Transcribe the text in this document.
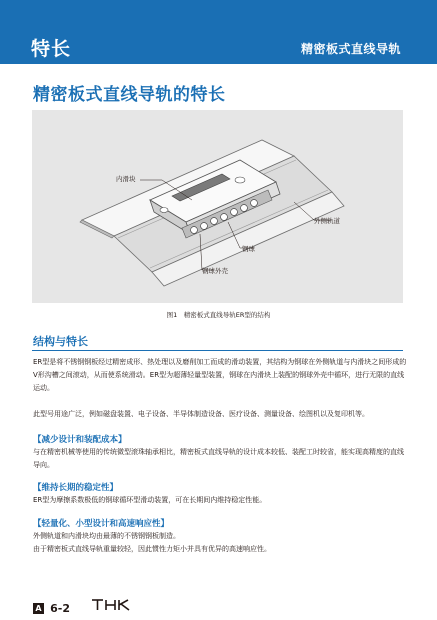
特长	精密板式直线导轨
精密板式直线导轨的特长
内滑块
外侧轨道
钢球
钢球外壳
图1　精密板式直线导轨ER型的结构
结构与特长
ER型是将不锈钢钢板经过精密成形、热处理以及磨削加工而成的滑动装置，其结构为钢球在外侧轨道与内滑块之间形成的V形沟槽之间滚动，从而使系统滑动。ER型为超薄轻量型装置，钢球在内滑块上装配的钢球外壳中循环，进行无限的直线运动。
此型号用途广泛，例如磁盘装置、电子设备、半导体制造设备、医疗设备、测量设备、绘图机以及复印机等。
【减少设计和装配成本】
与在精密机械等使用的传统微型滚珠轴承相比，精密板式直线导轨的设计成本较低、装配工时较省，能实现高精度的直线导向。
【维持长期的稳定性】
ER型为摩擦系数极低的钢球循环型滑动装置，可在长期间内维持稳定性能。
【轻量化、小型设计和高速响应性】
外侧轨道和内滑块均由最薄的不锈钢钢板制造。
由于精密板式直线导轨重量较轻，因此惯性力矩小并具有优异的高速响应性。
A 6-2
